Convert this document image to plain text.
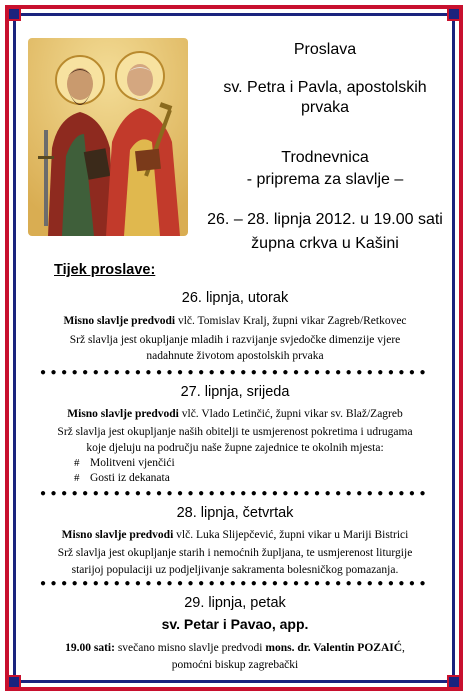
Proslava
sv. Petra i Pavla, apostolskih
prvaka
Trodnevnica
- priprema za slavlje –
26. – 28. lipnja 2012. u 19.00 sati
župna crkva u Kašini
Tijek proslave:
26. lipnja, utorak
Misno slavlje predvodi vlč. Tomislav Kralj, župni vikar Zagreb/Retkovec
Srž slavlja jest okupljanje mladih i razvijanje svjedočke dimenzije vjere
nadahnute životom apostolskih prvaka
●●●●●●●●●●●●●●●●●●●●●●●●●●●●●●●●●●●●●
27. lipnja, srijeda
Misno slavlje predvodi vlč. Vlado Letinčić, župni vikar sv. Blaž/Zagreb
Srž slavlja jest okupljanje naših obitelji te usmjerenost pokretima i udrugama
koje djeluju na području naše župne zajednice te okolnih mjesta:
# Molitveni vjenčići
# Gosti iz dekanata
●●●●●●●●●●●●●●●●●●●●●●●●●●●●●●●●●●●●●
28. lipnja, četvrtak
Misno slavlje predvodi vlč. Luka Slijepčević, župni vikar u Mariji Bistrici
Srž slavlja jest okupljanje starih i nemoćnih župljana, te usmjerenost liturgije
starijoj populaciji uz podjeljivanje sakramenta bolesničkog pomazanja.
●●●●●●●●●●●●●●●●●●●●●●●●●●●●●●●●●●●●●
29. lipnja, petak
sv. Petar i Pavao, app.
19.00 sati: svečano misno slavlje predvodi mons. dr. Valentin POZAIĆ,
pomoćni biskup zagrebački
